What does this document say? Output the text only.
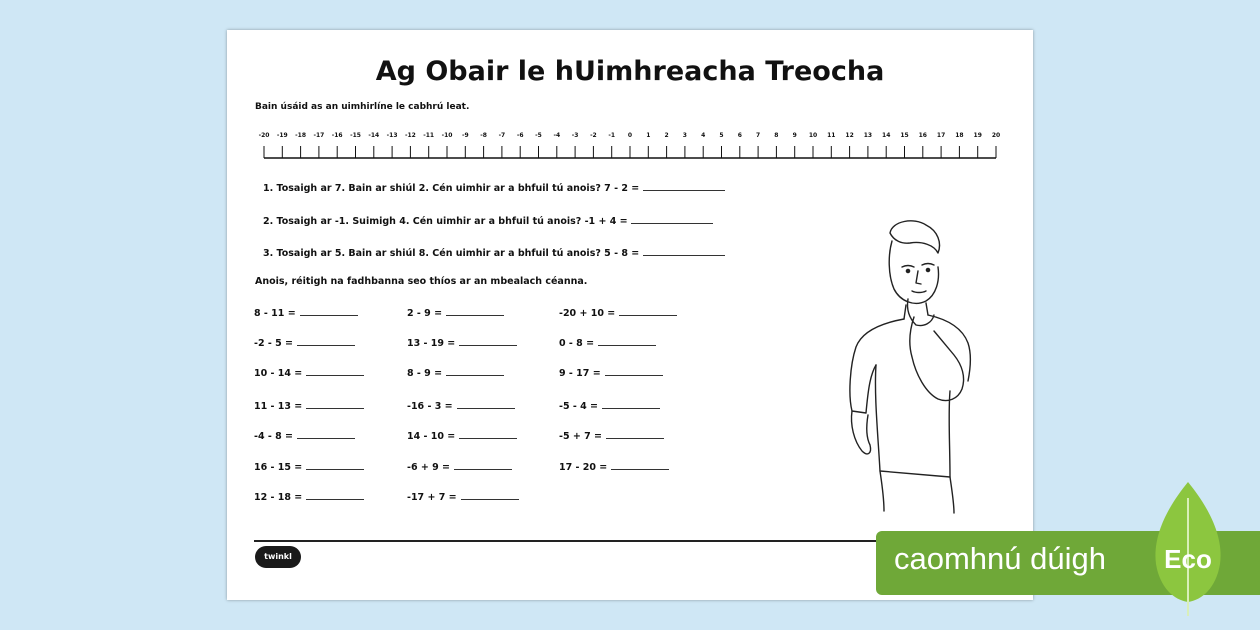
Ag Obair le hUimhreacha Treocha
Bain úsáid as an uimhirlíne le cabhrú leat.
-20 -19 -18 -17 -16 -15 -14 -13 -12 -11 -10 -9 -8 -7 -6 -5 -4 -3 -2 -1 0 1 2 3 4 5 6 7 8 9 10 11 12 13 14 15 16 17 18 19 20
1. Tosaigh ar 7. Bain ar shiúl 2. Cén uimhir ar a bhfuil tú anois? 7 - 2 =
2. Tosaigh ar -1. Suimigh 4. Cén uimhir ar a bhfuil tú anois? -1 + 4 =
3. Tosaigh ar 5. Bain ar shiúl 8. Cén uimhir ar a bhfuil tú anois? 5 - 8 =
Anois, réitigh na fadhbanna seo thíos ar an mbealach céanna.
8 - 11 =
-2 - 5 =
10 - 14 =
11 - 13 =
-4 - 8 =
16 - 15 =
12 - 18 =
2 - 9 =
13 - 19 =
8 - 9 =
-16 - 3 =
14 - 10 =
-6 + 9 =
-17 + 7 =
-20 + 10 =
0 - 8 =
9 - 17 =
-5 - 4 =
-5 + 7 =
17 - 20 =
twinkl	caomhnú dúigh Eco
